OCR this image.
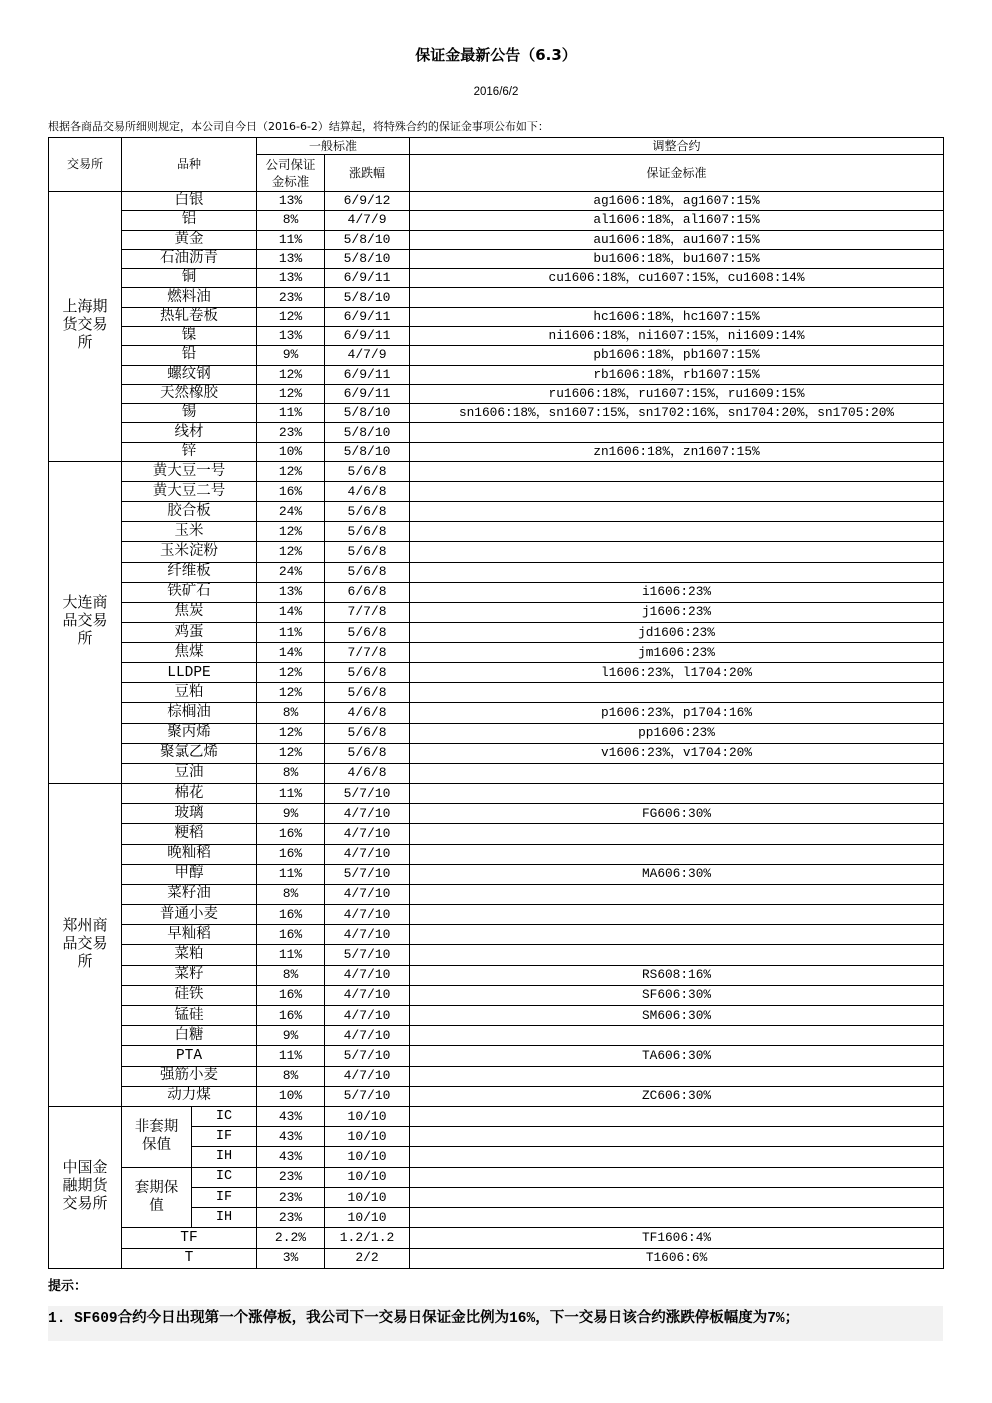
保证金最新公告（6.3）
2016/6/2
根据各商品交易所细则规定，本公司自今日（2016-6-2）结算起，将特殊合约的保证金事项公布如下：
交易所	品种		一般标准		调整合约
			公司保证金标准	涨跌幅	保证金标准
上海期货交易所	白银		13%	6/9/12	ag1606:18%，ag1607:15%
	铝		8%	4/7/9	al1606:18%，al1607:15%
	黄金		11%	5/8/10	au1606:18%，au1607:15%
	石油沥青		13%	5/8/10	bu1606:18%，bu1607:15%
	铜		13%	6/9/11	cu1606:18%，cu1607:15%，cu1608:14%
	燃料油		23%	5/8/10	
	热轧卷板		12%	6/9/11	hc1606:18%，hc1607:15%
	镍		13%	6/9/11	ni1606:18%，ni1607:15%，ni1609:14%
	铅		9%	4/7/9	pb1606:18%，pb1607:15%
	螺纹钢		12%	6/9/11	rb1606:18%，rb1607:15%
	天然橡胶		12%	6/9/11	ru1606:18%，ru1607:15%，ru1609:15%
	锡		11%	5/8/10	sn1606:18%，sn1607:15%，sn1702:16%，sn1704:20%，sn1705:20%
	线材		23%	5/8/10	
	锌		10%	5/8/10	zn1606:18%，zn1607:15%
大连商品交易所	黄大豆一号		12%	5/6/8	
	黄大豆二号		16%	4/6/8	
	胶合板		24%	5/6/8	
	玉米		12%	5/6/8	
	玉米淀粉		12%	5/6/8	
	纤维板		24%	5/6/8	
	铁矿石		13%	6/6/8	i1606:23%
	焦炭		14%	7/7/8	j1606:23%
	鸡蛋		11%	5/6/8	jd1606:23%
	焦煤		14%	7/7/8	jm1606:23%
	LLDPE		12%	5/6/8	l1606:23%，l1704:20%
	豆粕		12%	5/6/8	
	棕榈油		8%	4/6/8	p1606:23%，p1704:16%
	聚丙烯		12%	5/6/8	pp1606:23%
	聚氯乙烯		12%	5/6/8	v1606:23%，v1704:20%
	豆油		8%	4/6/8	
郑州商品交易所	棉花		11%	5/7/10	
	玻璃		9%	4/7/10	FG606:30%
	粳稻		16%	4/7/10	
	晚籼稻		16%	4/7/10	
	甲醇		11%	5/7/10	MA606:30%
	菜籽油		8%	4/7/10	
	普通小麦		16%	4/7/10	
	早籼稻		16%	4/7/10	
	菜粕		11%	5/7/10	
	菜籽		8%	4/7/10	RS608:16%
	硅铁		16%	4/7/10	SF606:30%
	锰硅		16%	4/7/10	SM606:30%
	白糖		9%	4/7/10	
	PTA		11%	5/7/10	TA606:30%
	强筋小麦		8%	4/7/10	
	动力煤		10%	5/7/10	ZC606:30%
中国金融期货交易所	非套期保值	IC	43%	10/10	
		IF	43%	10/10	
		IH	43%	10/10	
	套期保值	IC	23%	10/10	
		IF	23%	10/10	
		IH	23%	10/10	
	TF		2.2%	1.2/1.2	TF1606:4%
	T		3%	2/2	T1606:6%
提示：
1. SF609合约今日出现第一个涨停板，我公司下一交易日保证金比例为16%，下一交易日该合约涨跌停板幅度为7%；
